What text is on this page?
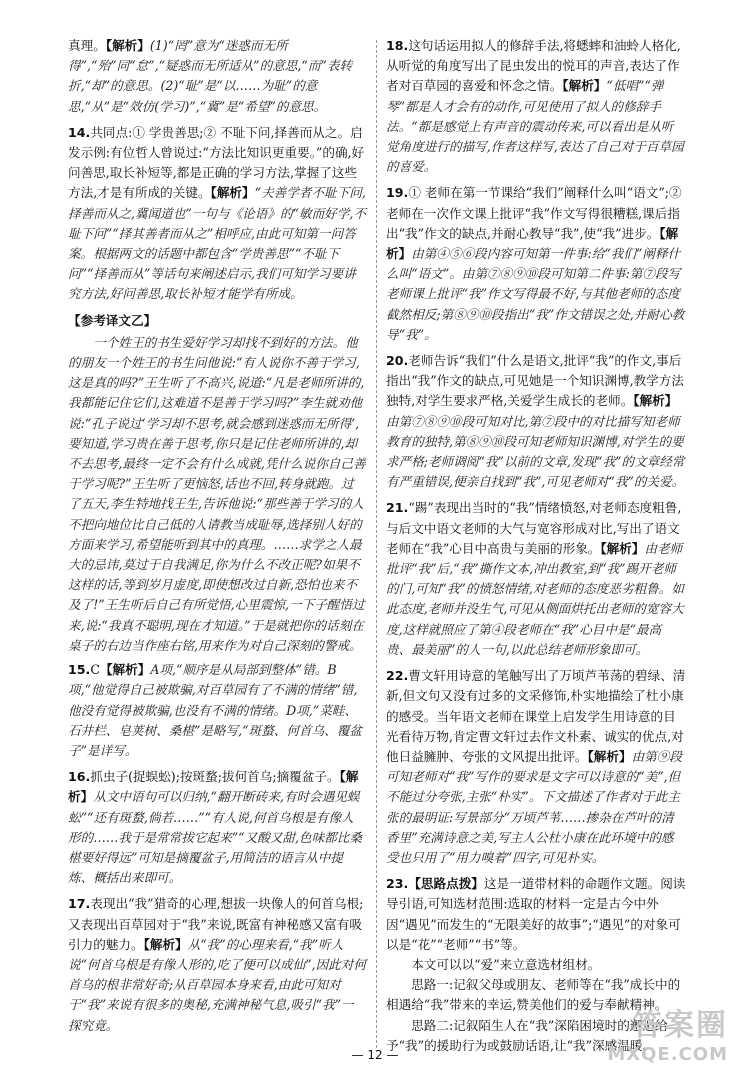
真理。【解析】(1)“罔”意为“迷惑而无所得”,“殆”同“怠”,“疑惑而无所适从”的意思,“而”表转折,“却”的意思。(2)“耻”是“以……为耻”的意思,“从”是“效仿(学习)”,“冀”是“希望”的意思。
14.共同点:① 学贵善思;② 不耻下问,择善而从之。启发示例:有位哲人曾说过:“方法比知识更重要。”的确,好问善思,取长补短等,都是正确的学习方法,掌握了这些方法,才是有所成的关键。【解析】“夫善学者不耻下问,择善而从之,冀闻道也”一句与《论语》的“敏而好学,不耻下问”“择其善者而从之”相呼应,由此可知第一问答案。根据两文的话题中都包含“学贵善思”“不耻下问”“择善而从”等话句来阐述启示,我们可知学习要讲究方法,好问善思,取长补短才能学有所成。
【参考译文乙】

一个姓王的书生爱好学习却找不到好的方法。他的朋友一个姓王的书生问他说:“有人说你不善于学习,这是真的吗?”王生听了不高兴,说道:“凡是老师所讲的,我都能记住它们,这难道不是善于学习吗?”李生就劝他说:“孔子说过‘学习却不思考,就会感到迷惑而无所得’,要知道,学习贵在善于思考,你只是记住老师所讲的,却不去思考,最终一定不会有什么成就,凭什么说你自己善于学习呢?”王生听了更恼怒,话也不回,转身就跑。过了五天,李生特地找王生,告诉他说:“那些善于学习的人不把向地位比自己低的人请教当成耻辱,选择别人好的方面来学习,希望能听到其中的真理。……求学之人最大的忌讳,莫过于自我满足,你为什么不改正呢?如果不这样的话,等到岁月虚度,即使想改过自新,恐怕也来不及了!”王生听后自己有所觉悟,心里震惊,一下子醒悟过来,说:“我真不聪明,现在才知道。”于是就把你的话刻在桌子的右边当作座右铭,用来作为对自己深刻的警戒。

15.C【解析】A项,“顺序是从局部到整体”错。B项,“他觉得自己被欺骗,对百草园有了不满的情绪”错,他没有觉得被欺骗,也没有不满的情绪。D项,“菜畦、石井栏、皂荚树、桑椹”是略写,“斑蝥、何首乌、覆盆子”是详写。
16.抓虫子(捉蜈蚣);按斑蝥;拔何首乌;摘覆盆子。【解析】从文中语句可以归纳,“翻开断砖来,有时会遇见蜈蚣”“还有斑蝥,倘若……”“有人说,何首乌根是有像人形的……我于是常常拔它起来”“又酸又甜,色味都比桑椹要好得远”可知是摘覆盆子,用简洁的语言从中提炼、概括出来即可。
17.表现出“我”猎奇的心理,想拔一块像人的何首乌根;又表现出百草园对于“我”来说,既富有神秘感又富有吸引力的魅力。【解析】从“我”的心理来看,“我”听人说“何首乌根是有像人形的,吃了便可以成仙”,因此对何首乌的根非常好奇;从百草园本身来看,由此可知对于“我”来说有很多的奥秘,充满神秘气息,吸引“我”一探究竟。
18.这句话运用拟人的修辞手法,将蟋蟀和油蛉人格化,从听觉的角度写出了昆虫发出的悦耳的声音,表达了作者对百草园的喜爱和怀念之情。【解析】“低唱”“弹琴”都是人才会有的动作,可见使用了拟人的修辞手法。“都是感觉上有声音的震动传来,可以看出是从听觉角度进行的描写,作者这样写,表达了自己对于百草园的喜爱。
19.① 老师在第一节课给“我们”阐释什么叫“语文”;② 老师在一次作文课上批评“我”作文写得很糟糕,课后指出“我”作文的缺点,并耐心教导“我”,使“我”进步。【解析】由第④⑤⑥段内容可知第一件事:给“我们”阐释什么叫“语文”。由第⑦⑧⑨⑩段可知第二件事:第⑦段写老师课上批评“我”作文写得最不好,与其他老师的态度截然相反;第⑧⑨⑩段指出“我”作文错误之处,并耐心教导“我”。
20.老师告诉“我们”什么是语文,批评“我”的作文,事后指出“我”作文的缺点,可见她是一个知识渊博,教学方法独特,对学生要求严格,关爱学生成长的老师。【解析】由第⑦⑧⑨⑩段可知对比,第⑦段中的对比描写知老师教育的独特,第⑧⑨⑩段可知老师知识渊博,对学生的要求严格;老师调阅“我”以前的文章,发现“我”的文章经常有严重错误,便亲自找到“我”,可见老师对“我”的关爱。
21.“踢”表现出当时的“我”情绪愤怒,对老师态度粗鲁,与后文中语文老师的大气与宽容形成对比,写出了语文老师在“我”心目中高贵与美丽的形象。【解析】由老师批评“我”后,“我”撕作文本,冲出教室,到“我”踢开老师的门,可知“我”的愤怒情绪,对老师的态度恶劣粗鲁。如此态度,老师并没生气,可见从侧面烘托出老师的宽容大度,这样就照应了第④段老师在“我”心目中是“最高贵、最美丽”的人一句,以此总结老师形象即可。
22.曹文轩用诗意的笔触写出了万顷芦苇荡的碧绿、清新,但文句又没有过多的文采修饰,朴实地描绘了杜小康的感受。当年语文老师在课堂上启发学生用诗意的目光看待万物,肯定曹文轩过去作文朴素、诚实的优点,对他日益臃肿、夸张的文风提出批评。【解析】由第⑨段可知老师对“我”写作的要求是文字可以诗意的“美”,但不能过分夸张,主张“朴实”。下文描述了作者对于此主张的最明证:写景部分“万顷芦苇……掺杂在芦叶的清香里”充满诗意之美,写主人公杜小康在此环境中的感受也只用了“用力嗅着”四字,可见朴实。
23.【思路点拨】这是一道带材料的命题作文题。阅读导引语,可知选材范围:选取的材料一定是古今中外因“遇见”而发生的“无限美好的故事”;“遇见”的对象可以是“花”“老师”“书”等。

本文可以以“爱”来立意选材组材。

思路一:记叙父母或朋友、老师等在“我”成长中的相遇给“我”带来的幸运,赞美他们的爱与奉献精神。

思路二:记叙陌生人在“我”深陷困境时的邂逅给予“我”的援助行为或鼓励话语,让“我”深感温暖。

— 12 —
答案圈
MXQE.COM
